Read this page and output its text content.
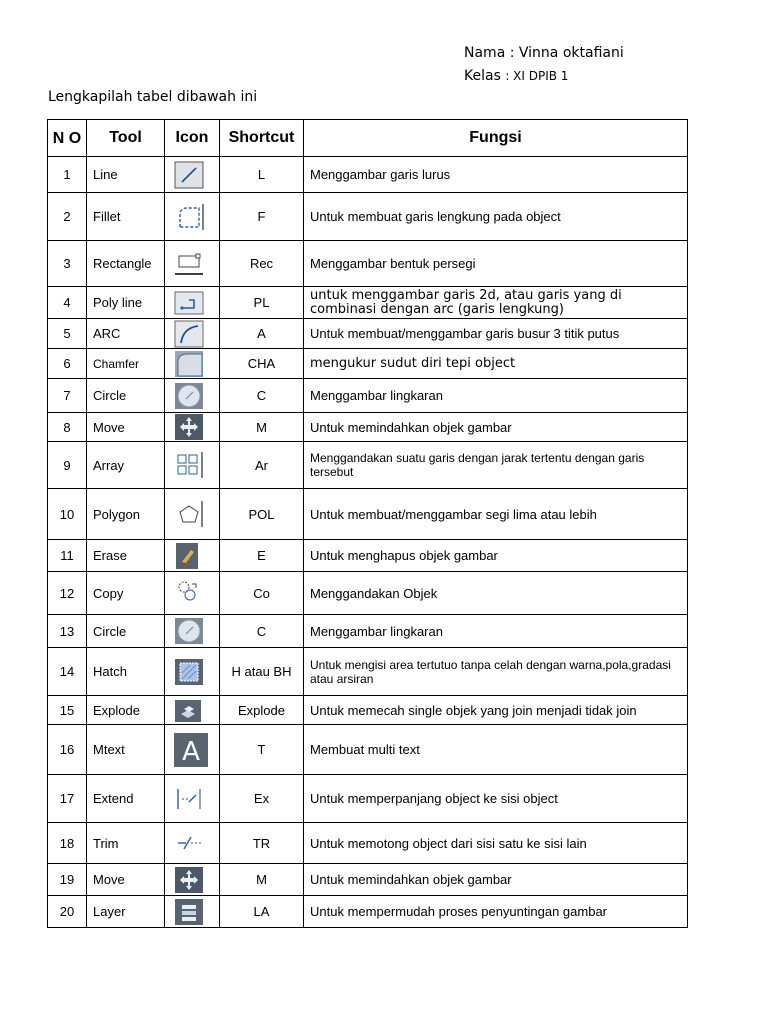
Nama : Vinna oktafiani
Kelas : XI DPIB 1
Lengkapilah tabel dibawah ini
N O	Tool	Icon	Shortcut	Fungsi
1	Line		L	Menggambar garis lurus
2	Fillet		F	Untuk membuat garis lengkung pada object
3	Rectangle		Rec	Menggambar bentuk persegi
4	Poly line		PL	untuk menggambar garis 2d, atau garis yang di combinasi dengan arc (garis lengkung)
5	ARC		A	Untuk membuat/menggambar garis busur 3 titik putus
6	Chamfer		CHA	mengukur sudut diri tepi object
7	Circle		C	Menggambar lingkaran
8	Move		M	Untuk memindahkan objek gambar
9	Array		Ar	Menggandakan suatu garis dengan jarak tertentu dengan garis tersebut
10	Polygon		POL	Untuk membuat/menggambar segi lima atau lebih
11	Erase		E	Untuk menghapus objek gambar
12	Copy		Co	Menggandakan Objek
13	Circle		C	Menggambar lingkaran
14	Hatch		H atau BH	Untuk mengisi area tertutuo tanpa celah dengan warna,pola,gradasi atau arsiran
15	Explode		Explode	Untuk memecah single objek yang join menjadi tidak join
16	Mtext	A	T	Membuat multi text
17	Extend		Ex	Untuk memperpanjang object ke sisi object
18	Trim		TR	Untuk memotong object dari sisi satu ke sisi lain
19	Move		M	Untuk memindahkan objek gambar
20	Layer		LA	Untuk mempermudah proses penyuntingan gambar
